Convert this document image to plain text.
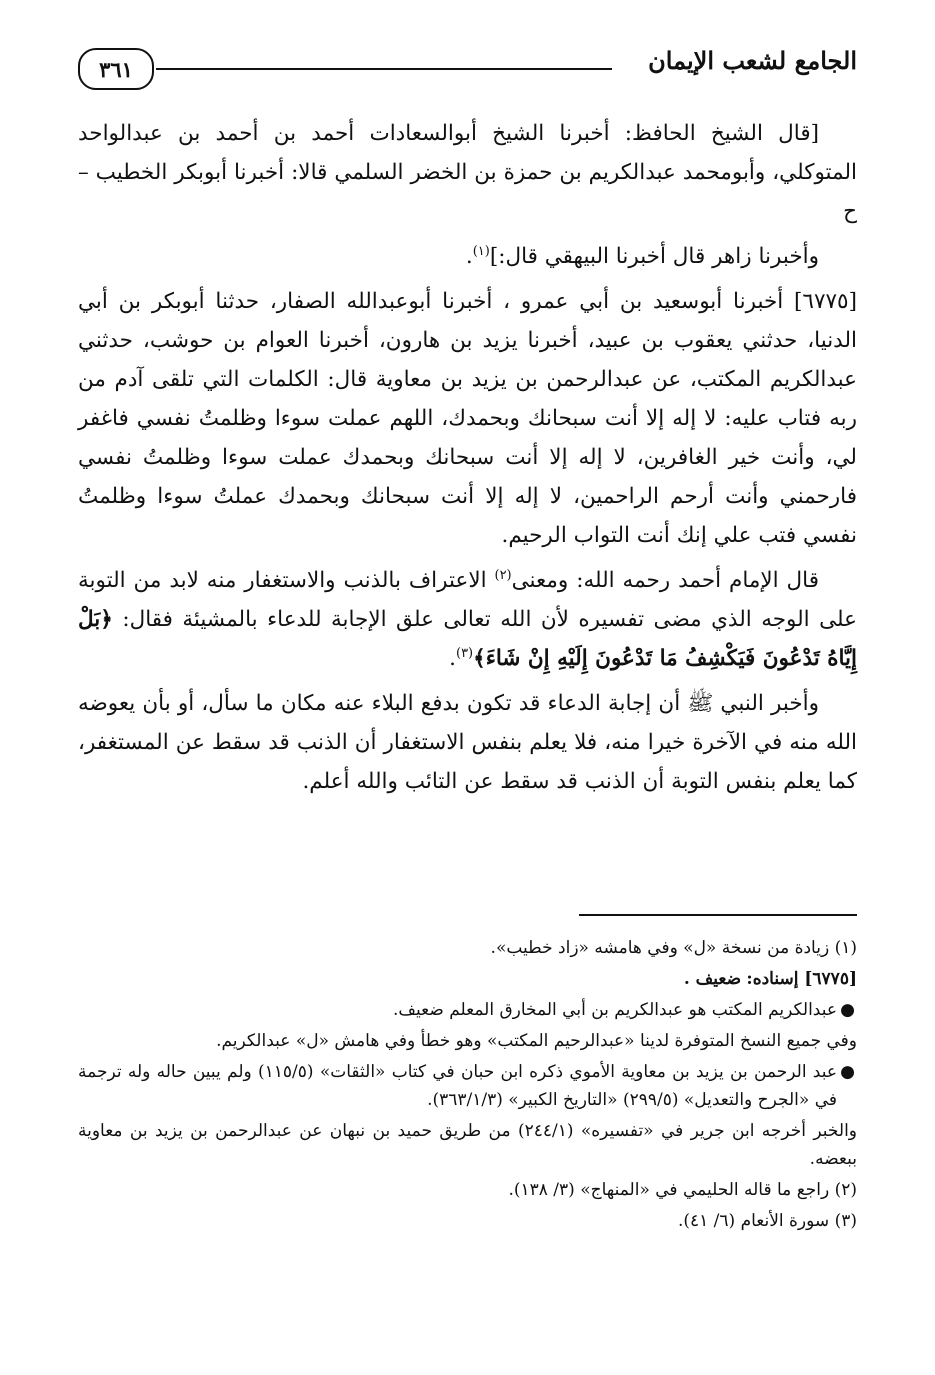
الجامع لشعب الإيمان
٣٦١

[قال الشيخ الحافظ: أخبرنا الشيخ أبوالسعادات أحمد بن أحمد بن عبدالواحد المتوكلي، وأبومحمد عبدالكريم بن حمزة بن الخضر السلمي قالا: أخبرنا أبوبكر الخطيب – ح

وأخبرنا زاهر قال أخبرنا البيهقي قال:]$^{(١)}$.

[٦٧٧٥] أخبرنا أبوسعيد بن أبي عمرو ، أخبرنا أبوعبدالله الصفار، حدثنا أبوبكر بن أبي الدنيا، حدثني يعقوب بن عبيد، أخبرنا يزيد بن هارون، أخبرنا العوام بن حوشب، حدثني عبدالكريم المكتب، عن عبدالرحمن بن يزيد بن معاوية قال: الكلمات التي تلقى آدم من ربه فتاب عليه: لا إله إلا أنت سبحانك وبحمدك، اللهم عملت سوءا وظلمتُ نفسي فاغفر لي، وأنت خير الغافرين، لا إله إلا أنت سبحانك وبحمدك عملت سوءا وظلمتُ نفسي فارحمني وأنت أرحم الراحمين، لا إله إلا أنت سبحانك وبحمدك عملتُ سوءا وظلمتُ نفسي فتب علي إنك أنت التواب الرحيم.

قال الإمام أحمد رحمه الله: ومعنى$^{(٢)}$ الاعتراف بالذنب والاستغفار منه لابد من التوبة على الوجه الذي مضى تفسيره لأن الله تعالى علق الإجابة للدعاء بالمشيئة فقال: ﴿بَلْ إِيَّاهُ تَدْعُونَ فَيَكْشِفُ مَا تَدْعُونَ إِلَيْهِ إِنْ شَاءَ﴾$^{(٣)}$.

وأخبر النبي ﷺ أن إجابة الدعاء قد تكون بدفع البلاء عنه مكان ما سأل، أو بأن يعوضه الله منه في الآخرة خيرا منه، فلا يعلم بنفس الاستغفار أن الذنب قد سقط عن المستغفر، كما يعلم بنفس التوبة أن الذنب قد سقط عن التائب والله أعلم.

(١) زيادة من نسخة «ل» وفي هامشه «زاد خطيب».

[٦٧٧٥] إسناده: ضعيف .

●
عبدالكريم المكتب هو عبدالكريم بن أبي المخارق المعلم ضعيف.

وفي جميع النسخ المتوفرة لدينا «عبدالرحيم المكتب» وهو خطأ وفي هامش «ل» عبدالكريم.

●
عبد الرحمن بن يزيد بن معاوية الأموي ذكره ابن حبان في كتاب «الثقات» (١١٥/٥) ولم يبين حاله وله ترجمة في «الجرح والتعديل» (٢٩٩/٥) «التاريخ الكبير» (٣٦٣/١/٣).

والخبر أخرجه ابن جرير في «تفسيره» (٢٤٤/١) من طريق حميد بن نبهان عن عبدالرحمن بن يزيد بن معاوية ببعضه.

(٢) راجع ما قاله الحليمي في «المنهاج» (٣/ ١٣٨).

(٣) سورة الأنعام (٦/ ٤١).
